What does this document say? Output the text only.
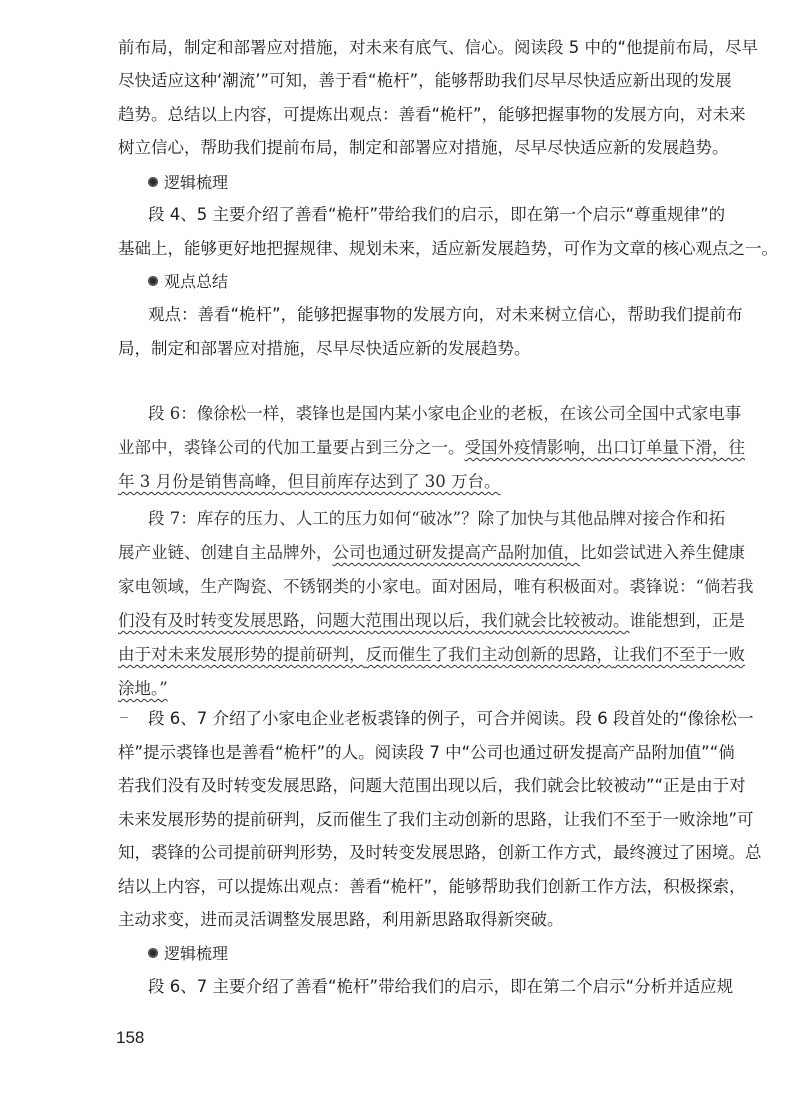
前布局，制定和部署应对措施，对未来有底气、信心。阅读段 5 中的“他提前布局，尽早
尽快适应这种‘潮流’”可知，善于看“桅杆”，能够帮助我们尽早尽快适应新出现的发展
趋势。总结以上内容，可提炼出观点：善看“桅杆”，能够把握事物的发展方向，对未来
树立信心，帮助我们提前布局，制定和部署应对措施，尽早尽快适应新的发展趋势。
逻辑梳理
段 4、5 主要介绍了善看“桅杆”带给我们的启示，即在第一个启示“尊重规律”的
基础上，能够更好地把握规律、规划未来，适应新发展趋势，可作为文章的核心观点之一。
观点总结
观点：善看“桅杆”，能够把握事物的发展方向，对未来树立信心，帮助我们提前布
局，制定和部署应对措施，尽早尽快适应新的发展趋势。
段 6：像徐松一样，裘锋也是国内某小家电企业的老板，在该公司全国中式家电事
业部中，裘锋公司的代加工量要占到三分之一。受国外疫情影响，出口订单量下滑，往
年 3 月份是销售高峰，但目前库存达到了 30 万台。
段 7：库存的压力、人工的压力如何“破冰”？除了加快与其他品牌对接合作和拓
展产业链、创建自主品牌外，公司也通过研发提高产品附加值，比如尝试进入养生健康
家电领域，生产陶瓷、不锈钢类的小家电。面对困局，唯有积极面对。裘锋说：“倘若我
们没有及时转变发展思路，问题大范围出现以后，我们就会比较被动。谁能想到，正是
由于对未来发展形势的提前研判，反而催生了我们主动创新的思路，让我们不至于一败
涂地。”
段 6、7 介绍了小家电企业老板裘锋的例子，可合并阅读。段 6 段首处的“像徐松一
样”提示裘锋也是善看“桅杆”的人。阅读段 7 中“公司也通过研发提高产品附加值”“倘
若我们没有及时转变发展思路，问题大范围出现以后，我们就会比较被动”“正是由于对
未来发展形势的提前研判，反而催生了我们主动创新的思路，让我们不至于一败涂地”可
知，裘锋的公司提前研判形势，及时转变发展思路，创新工作方式，最终渡过了困境。总
结以上内容，可以提炼出观点：善看“桅杆”，能够帮助我们创新工作方法，积极探索，
主动求变，进而灵活调整发展思路，利用新思路取得新突破。
逻辑梳理
段 6、7 主要介绍了善看“桅杆”带给我们的启示，即在第二个启示“分析并适应规
158
